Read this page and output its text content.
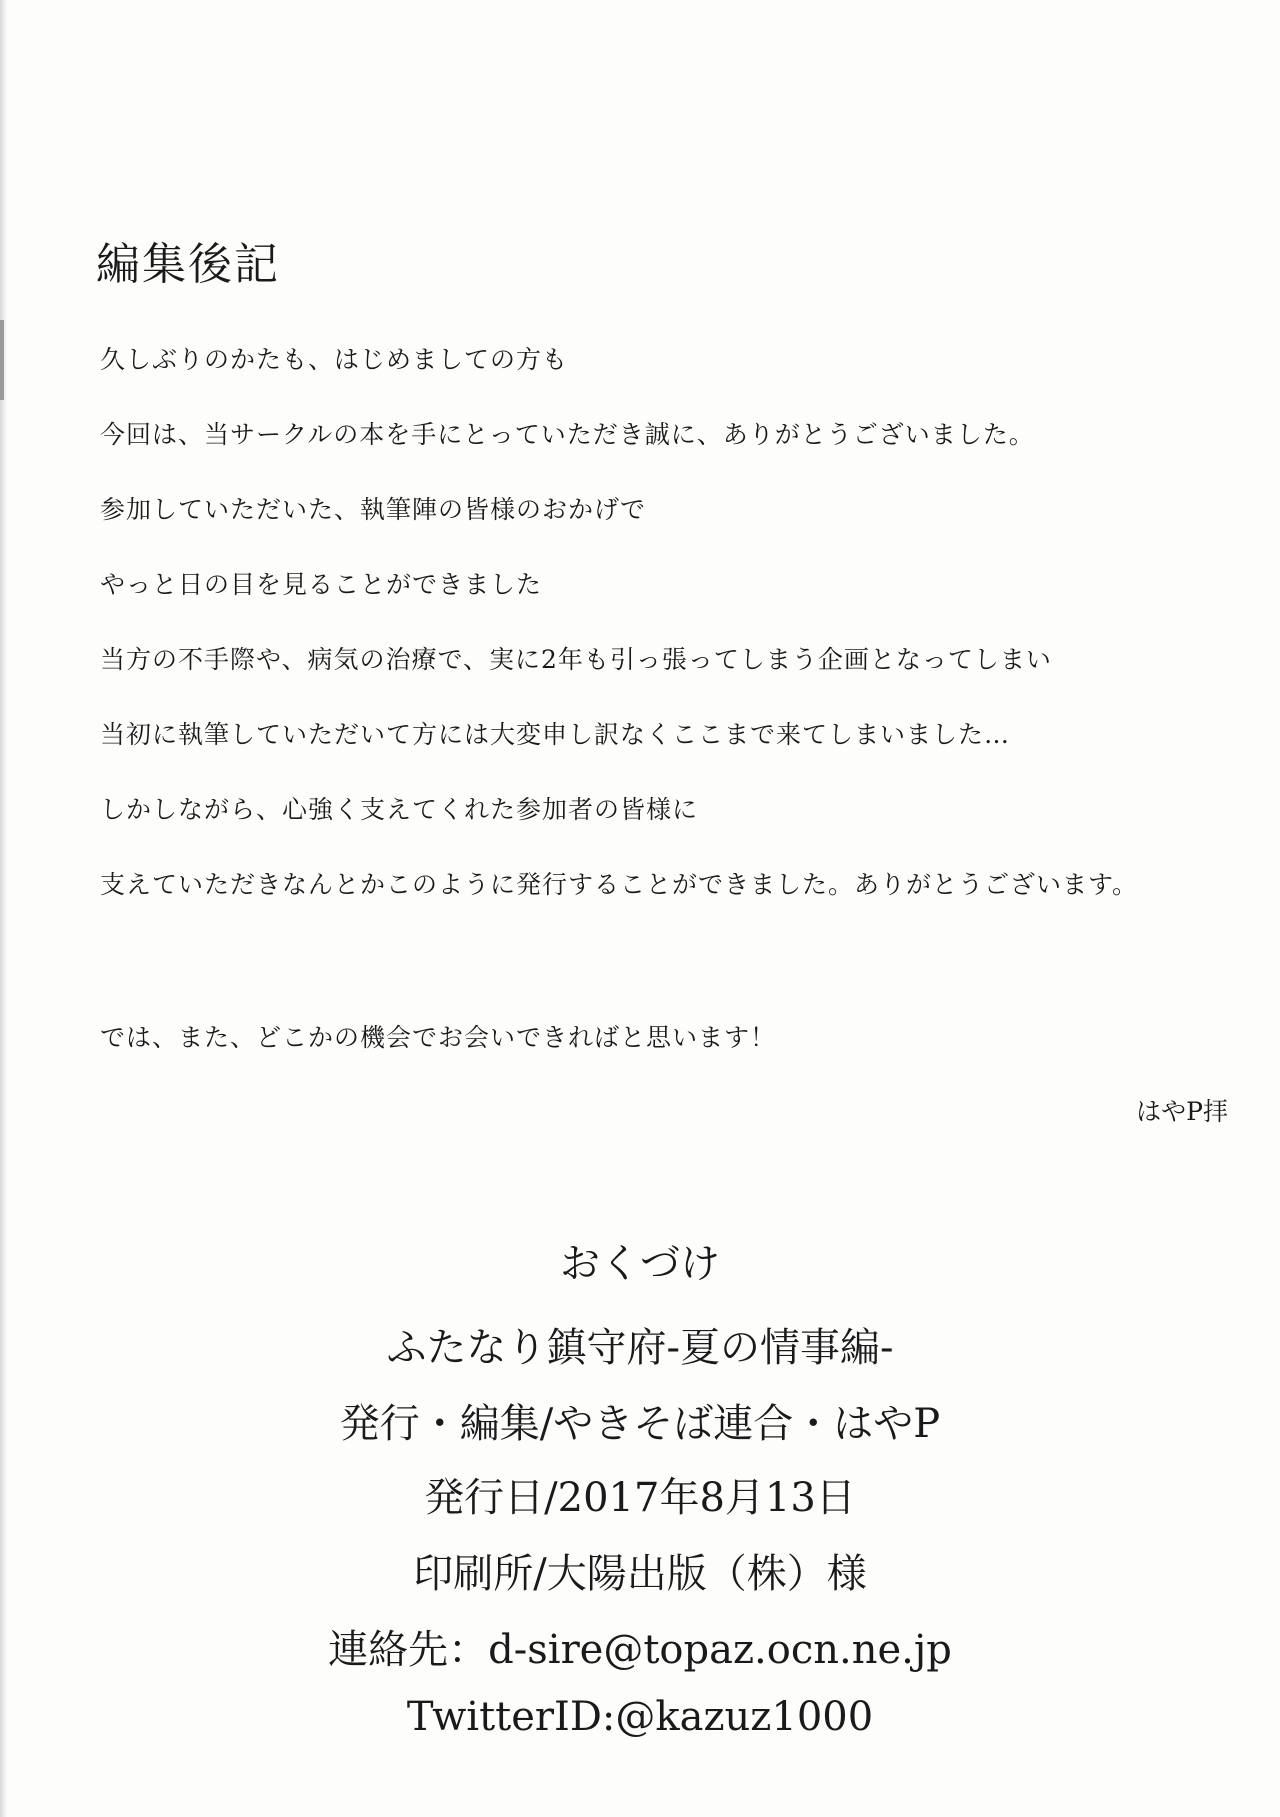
編集後記
久しぶりのかたも、はじめましての方も
今回は、当サークルの本を手にとっていただき誠に、ありがとうございました。
参加していただいた、執筆陣の皆様のおかげで
やっと日の目を見ることができました
当方の不手際や、病気の治療で、実に2年も引っ張ってしまう企画となってしまい
当初に執筆していただいて方には大変申し訳なくここまで来てしまいました…
しかしながら、心強く支えてくれた参加者の皆様に
支えていただきなんとかこのように発行することができました。ありがとうございます。
では、また、どこかの機会でお会いできればと思います！
はやP拝
おくづけ
ふたなり鎮守府-夏の情事編-
発行・編集/やきそば連合・はやP
発行日/2017年8月13日
印刷所/大陽出版（株）様
連絡先：d-sire@topaz.ocn.ne.jp
TwitterID:@kazuz1000
